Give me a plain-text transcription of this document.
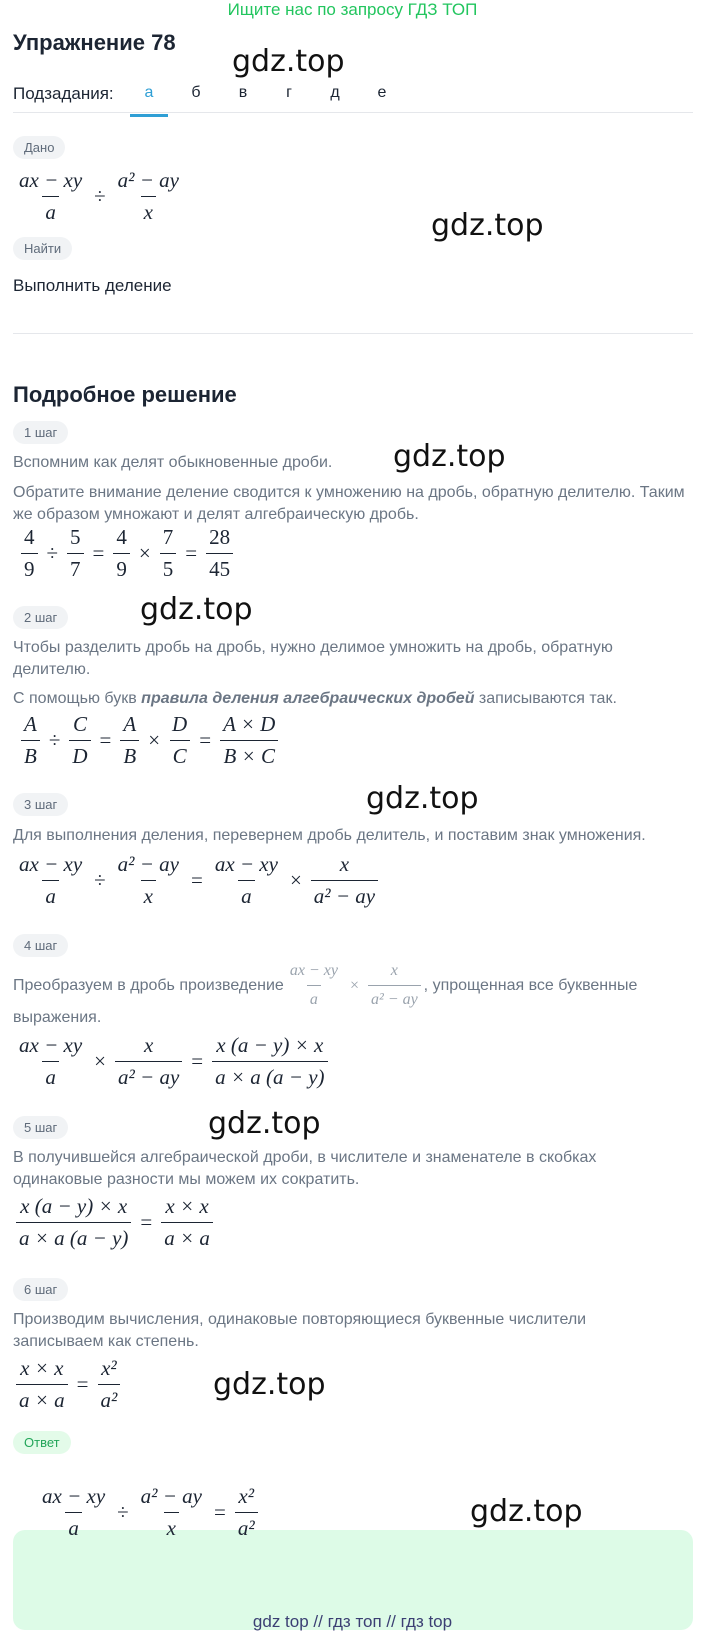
Ищите нас по запросу ГДЗ ТОП
Упражнение 78
gdz.top
Подзадания:	а	б	в	г	д	е
Дано
$\frac{ax - xy}{a} \div \frac{\text{a² − ay}}{x}$
gdz.top
Найти
Выполнить деление
Подробное решение
1 шаг
gdz.top
Вспомним как делят обыкновенные дроби.
Обратите внимание деление сводится к умножению на дробь, обратную делителю. Таким же образом умножают и делят алгебраическую дробь.
$\frac{4}{9} \div \frac{5}{7} = \frac{4}{9} \times \frac{7}{5} = \frac{28}{45}$
2 шаг	gdz.top
Чтобы разделить дробь на дробь, нужно делимое умножить на дробь, обратную делителю.
С помощью букв правила деления алгебраических дробей записываются так.
$\frac{A}{B} \div \frac{C}{D} = \frac{A}{B} \times \frac{D}{C} = \frac{A \times D}{B \times C}$
3 шаг	gdz.top
Для выполнения деления, перевернем дробь делитель, и поставим знак умножения.
$\frac{ax - xy}{a} \div \frac{\text{a² − ay}}{x} = \frac{ax - xy}{a} \times \frac{x}{\text{a² − ay}}$
4 шаг
Преобразуем в дробь произведение $\frac{ax - xy}{a} \times \frac{x}{\text{a² − ay}}$ , упрощенная все буквенные
выражения.
$\frac{ax - xy}{a} \times \frac{x}{\text{a² − ay}} = \frac{x (a - y) \times x}{a \times a (a - y)}$
5 шаг	gdz.top
В получившейся алгебраической дроби, в числителе и знаменателе в скобках одинаковые разности мы можем их сократить.
$\frac{x (a - y) \times x}{a \times a (a - y)} = \frac{x \times x}{a \times a}$
6 шаг
Производим вычисления, одинаковые повторяющиеся буквенные числители записываем как степень.
$\frac{x \times x}{a \times a} = \frac{\text{x²}}{\text{a²}}$	gdz.top
Ответ
$\frac{ax - xy}{a} \div \frac{\text{a² − ay}}{x} = \frac{\text{x²}}{\text{a²}}$	gdz.top
gdz top // гдз топ // гдз top
